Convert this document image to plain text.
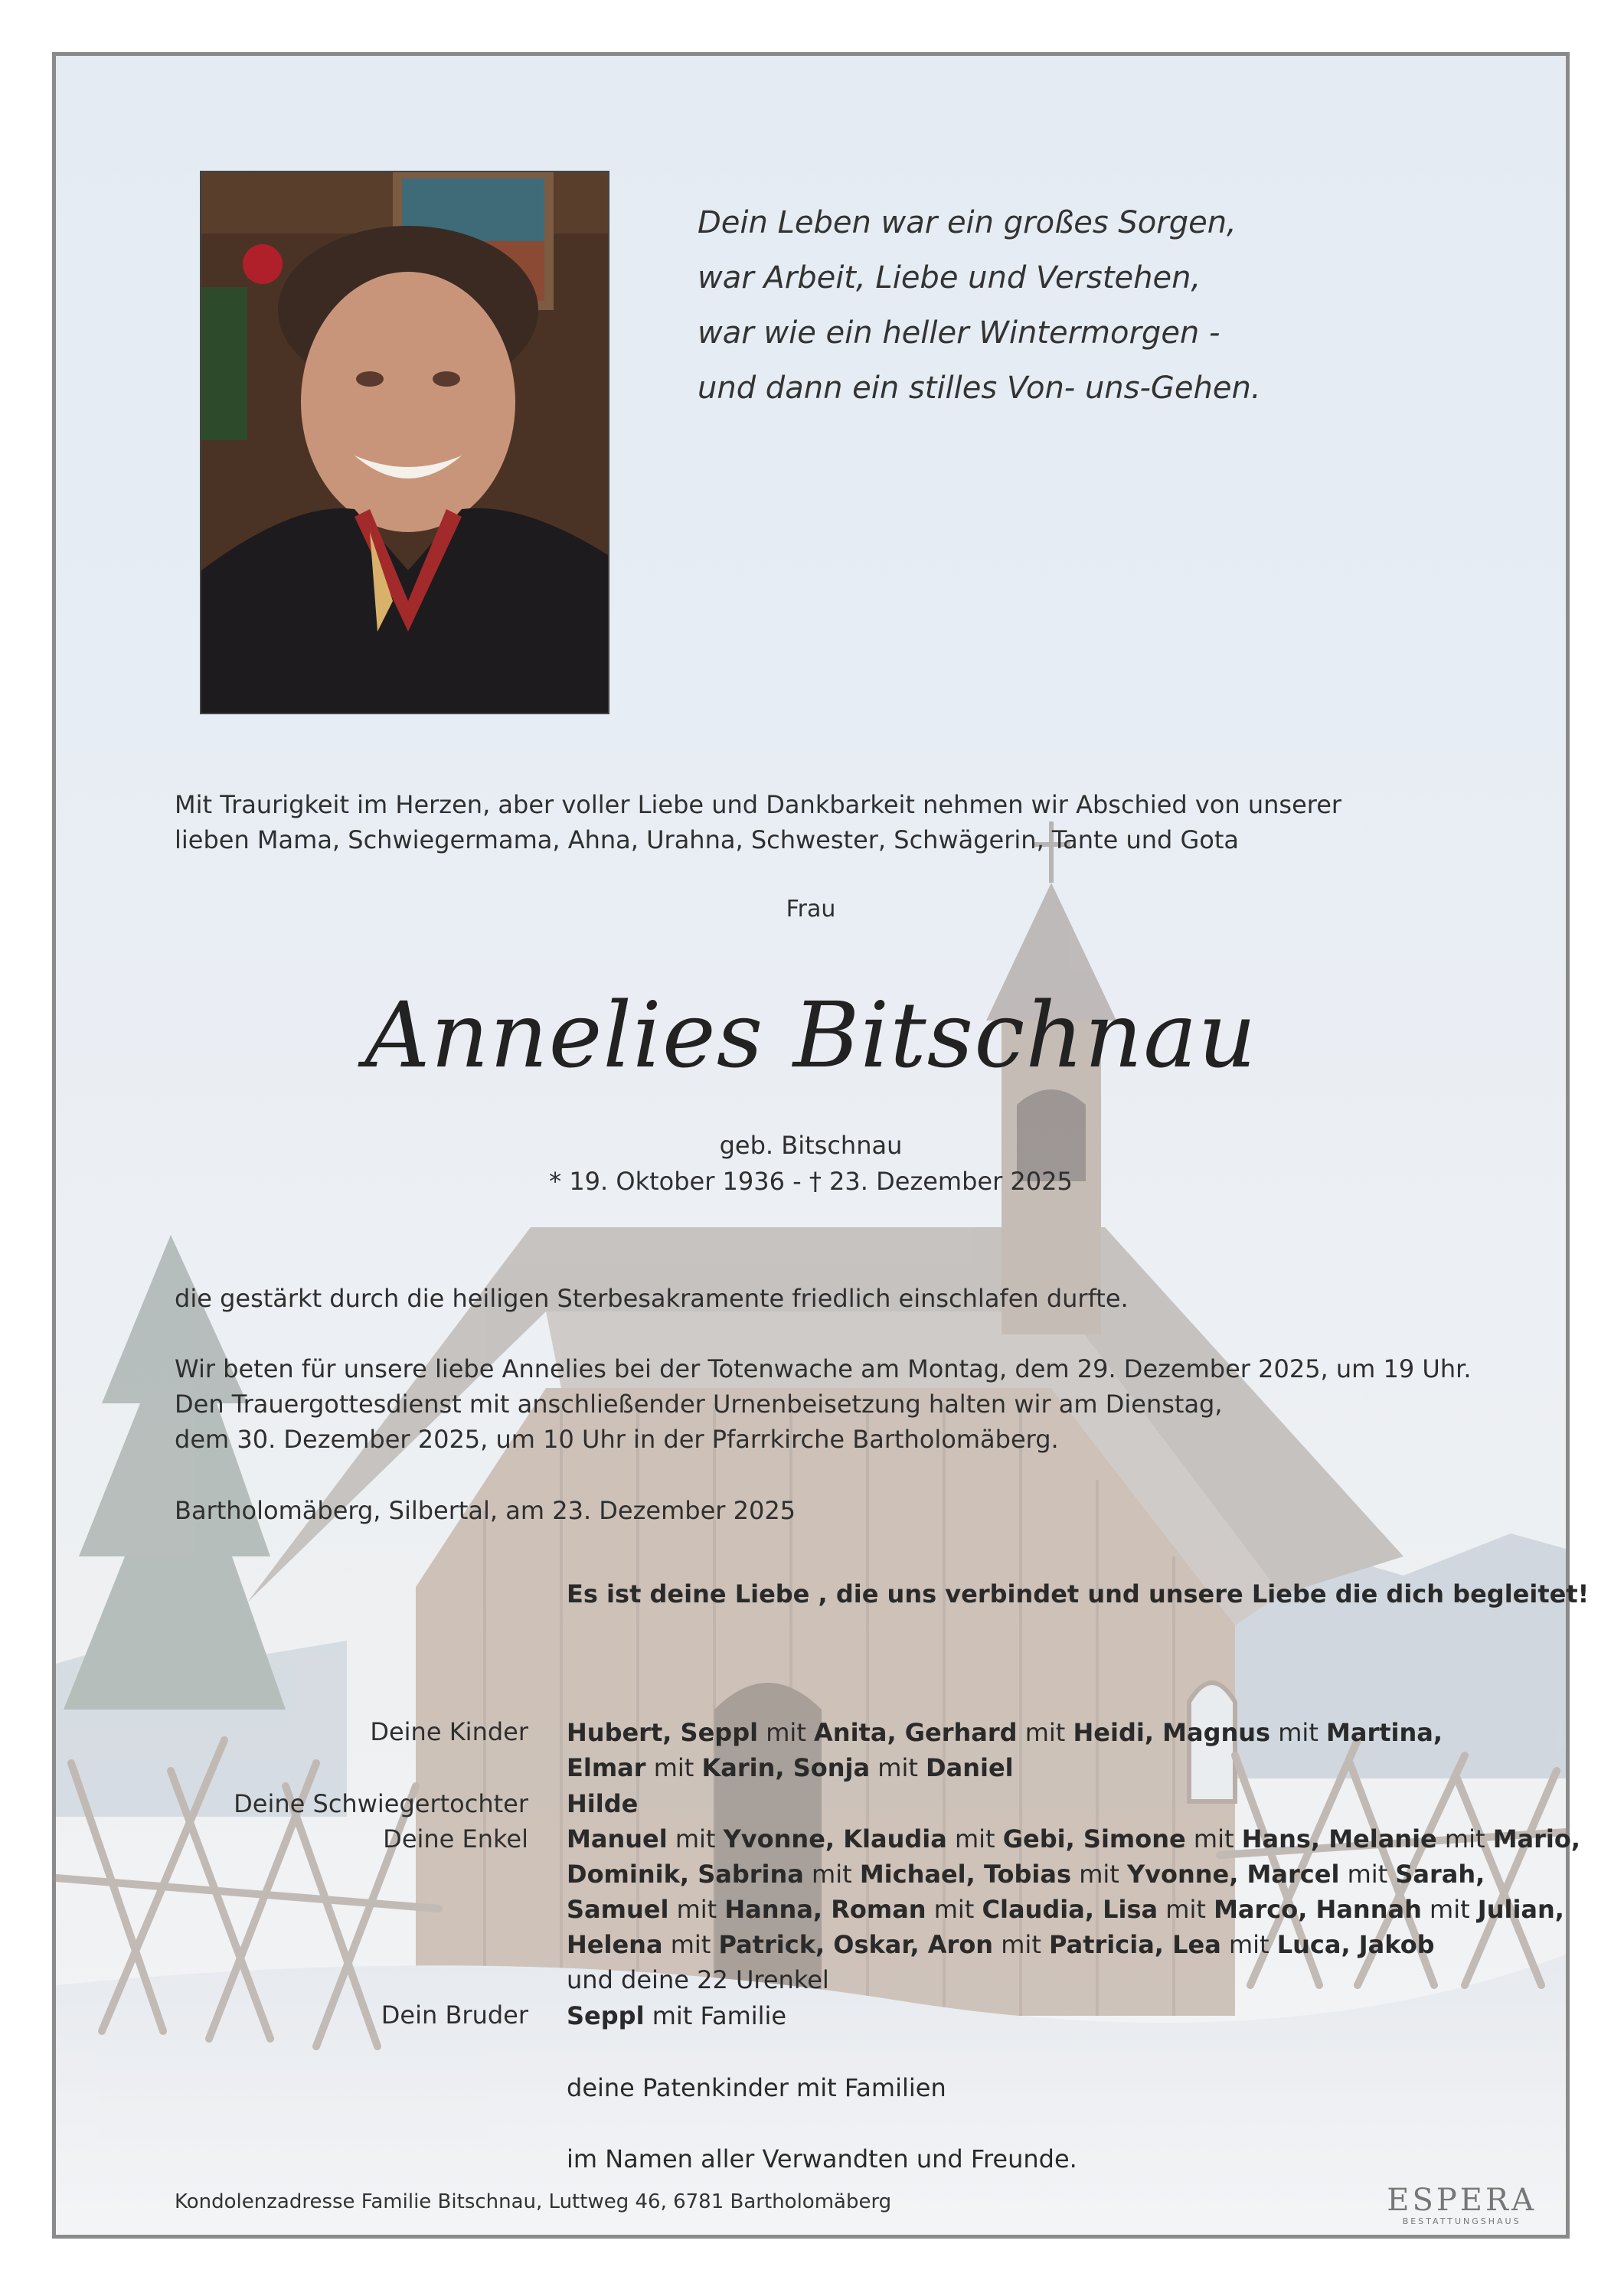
Dein Leben war ein großes Sorgen,
war Arbeit, Liebe und Verstehen,
war wie ein heller Wintermorgen -
und dann ein stilles Von- uns-Gehen.
Mit Traurigkeit im Herzen, aber voller Liebe und Dankbarkeit nehmen wir Abschied von unserer
lieben Mama, Schwiegermama, Ahna, Urahna, Schwester, Schwägerin, Tante und Gota
Frau
Annelies Bitschnau
geb. Bitschnau
* 19. Oktober 1936 - † 23. Dezember 2025
die gestärkt durch die heiligen Sterbesakramente friedlich einschlafen durfte.
Wir beten für unsere liebe Annelies bei der Totenwache am Montag, dem 29. Dezember 2025, um 19 Uhr.
Den Trauergottesdienst mit anschließender Urnenbeisetzung halten wir am Dienstag,
dem 30. Dezember 2025, um 10 Uhr in der Pfarrkirche Bartholomäberg.
Bartholomäberg, Silbertal, am 23. Dezember 2025
Es ist deine Liebe , die uns verbindet und unsere Liebe die dich begleitet!
Deine Kinder Hubert, Seppl mit Anita, Gerhard mit Heidi, Magnus mit Martina,
Elmar mit Karin, Sonja mit Daniel
Deine Schwiegertochter Hilde
Deine Enkel Manuel mit Yvonne, Klaudia mit Gebi, Simone mit Hans, Melanie mit Mario,
Dominik, Sabrina mit Michael, Tobias mit Yvonne, Marcel mit Sarah,
Samuel mit Hanna, Roman mit Claudia, Lisa mit Marco, Hannah mit Julian,
Helena mit Patrick, Oskar, Aron mit Patricia, Lea mit Luca, Jakob
und deine 22 Urenkel
Dein Bruder Seppl mit Familie
deine Patenkinder mit Familien
im Namen aller Verwandten und Freunde.
Kondolenzadresse Familie Bitschnau, Luttweg 46, 6781 Bartholomäberg	ESPERA
BESTATTUNGSHAUS
